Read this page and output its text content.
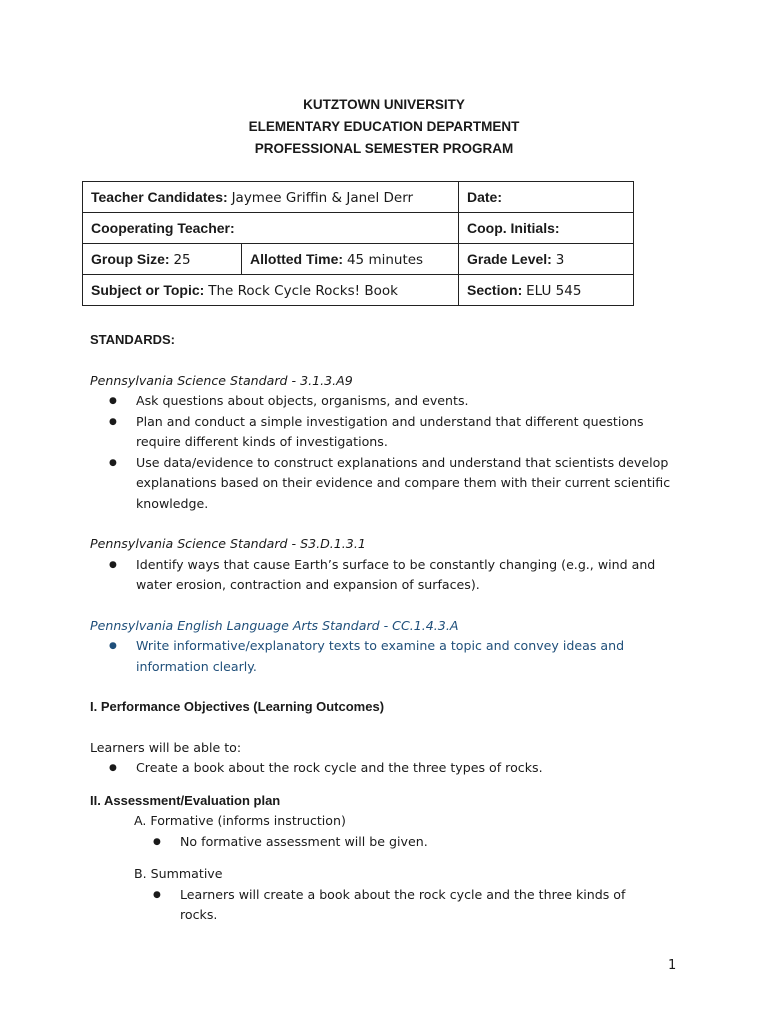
KUTZTOWN UNIVERSITY
ELEMENTARY EDUCATION DEPARTMENT
PROFESSIONAL SEMESTER PROGRAM
Teacher Candidates: Jaymee Griffin & Janel Derr		Date:
Cooperating Teacher:		Coop. Initials:
Group Size: 25	Allotted Time: 45 minutes	Grade Level: 3
Subject or Topic: The Rock Cycle Rocks! Book		Section: ELU 545

STANDARDS:

Pennsylvania Science Standard - 3.1.3.A9

● Ask questions about objects, organisms, and events.
● Plan and conduct a simple investigation and understand that different questions require different kinds of investigations.
● Use data/evidence to construct explanations and understand that scientists develop explanations based on their evidence and compare them with their current scientific knowledge.

Pennsylvania Science Standard - S3.D.1.3.1

● Identify ways that cause Earth’s surface to be constantly changing (e.g., wind and water erosion, contraction and expansion of surfaces).

Pennsylvania English Language Arts Standard - CC.1.4.3.A

● Write informative/explanatory texts to examine a topic and convey ideas and information clearly.

I. Performance Objectives (Learning Outcomes)

Learners will be able to:

● Create a book about the rock cycle and the three types of rocks.

II. Assessment/Evaluation plan

A. Formative (informs instruction)

● No formative assessment will be given.

B. Summative

● Learners will create a book about the rock cycle and the three kinds of rocks.
1
